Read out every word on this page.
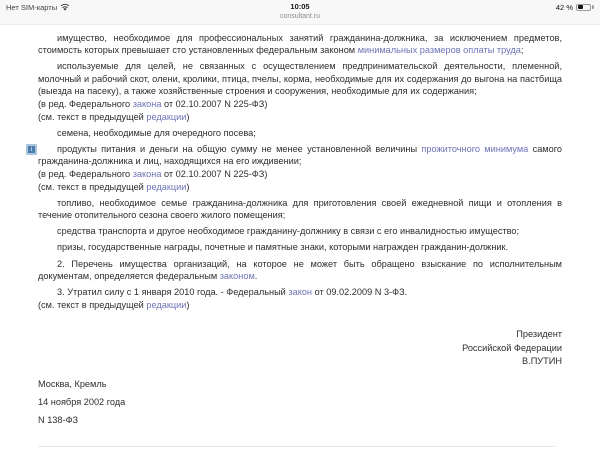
Нет SIM-карты	10:05
consultant.ru
42 %
имущество, необходимое для профессиональных занятий гражданина-должника, за исключением предметов, стоимость которых превышает сто установленных федеральным законом минимальных размеров оплаты труда;
используемые для целей, не связанных с осуществлением предпринимательской деятельности, племенной, молочный и рабочий скот, олени, кролики, птица, пчелы, корма, необходимые для их содержания до выгона на пастбища (выезда на пасеку), а также хозяйственные строения и сооружения, необходимые для их содержания;
(в ред. Федерального закона от 02.10.2007 N 225-ФЗ)
(см. текст в предыдущей редакции)
семена, необходимые для очередного посева;
i	продукты питания и деньги на общую сумму не менее установленной величины прожиточного минимума самого гражданина-должника и лиц, находящихся на его иждивении;
(в ред. Федерального закона от 02.10.2007 N 225-ФЗ)
(см. текст в предыдущей редакции)
топливо, необходимое семье гражданина-должника для приготовления своей ежедневной пищи и отопления в течение отопительного сезона своего жилого помещения;
средства транспорта и другое необходимое гражданину-должнику в связи с его инвалидностью имущество;
призы, государственные награды, почетные и памятные знаки, которыми награжден гражданин-должник.
2. Перечень имущества организаций, на которое не может быть обращено взыскание по исполнительным документам, определяется федеральным законом.
3. Утратил силу с 1 января 2010 года. - Федеральный закон от 09.02.2009 N 3-ФЗ.
(см. текст в предыдущей редакции)
Президент
Российской Федерации
В.ПУТИН
Москва, Кремль
14 ноября 2002 года
N 138-ФЗ
